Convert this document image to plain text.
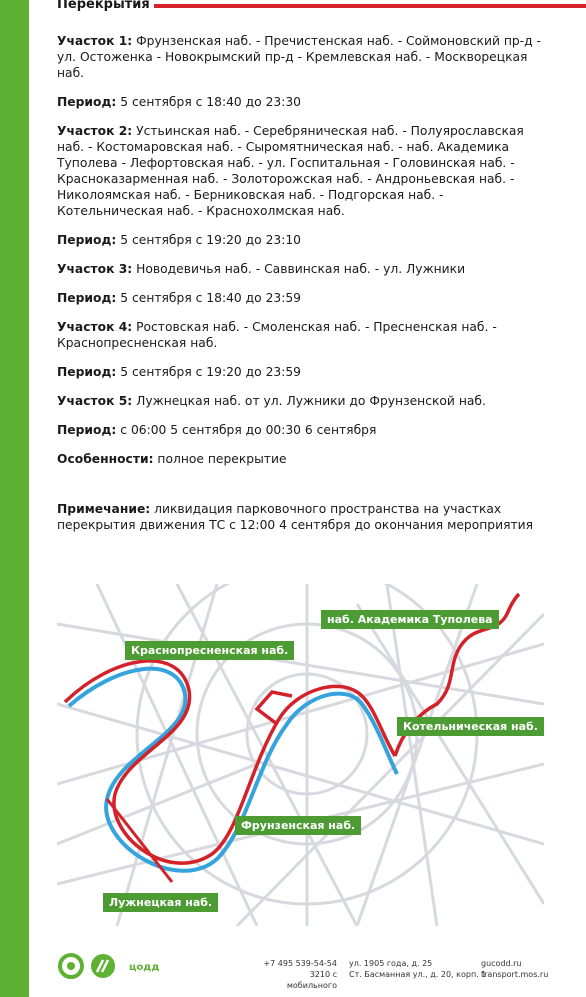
Перекрытия

Участок 1: Фрунзенская наб. - Пречистенская наб. - Соймоновский пр-д - ул. Остоженка - Новокрымский пр-д - Кремлевская наб. - Москворецкая наб.

Период: 5 сентября с 18:40 до 23:30

Участок 2: Устьинская наб. - Серебряническая наб. - Полуярославская наб. - Костомаровская наб. - Сыромятническая наб. - наб. Академика Туполева - Лефортовская наб. - ул. Госпитальная - Головинская наб. - Красноказарменная наб. - Золоторожская наб. - Андроньевская наб. - Николоямская наб. - Берниковская наб. - Подгорская наб. - Котельническая наб. - Краснохолмская наб.

Период: 5 сентября с 19:20 до 23:10

Участок 3: Новодевичья наб. - Саввинская наб. - ул. Лужники

Период: 5 сентября с 18:40 до 23:59

Участок 4: Ростовская наб. - Смоленская наб. - Пресненская наб. - Краснопресненская наб.

Период: 5 сентября с 19:20 до 23:59

Участок 5: Лужнецкая наб. от ул. Лужники до Фрунзенской наб.

Период: с 06:00 5 сентября до 00:30 6 сентября

Особенности: полное перекрытие

Примечание: ликвидация парковочного пространства на участках перекрытия движения ТС с 12:00 4 сентября до окончания мероприятия

наб. Академика Туполева
Краснопресненская наб.
Котельническая наб.
Фрунзенская наб.
Лужнецкая наб.
цодд	+7 495 539-54-54
3210 с мобильного
ул. 1905 года, д. 25
Ст. Басманная ул., д. 20, корп. 1
gucodd.ru
transport.mos.ru
